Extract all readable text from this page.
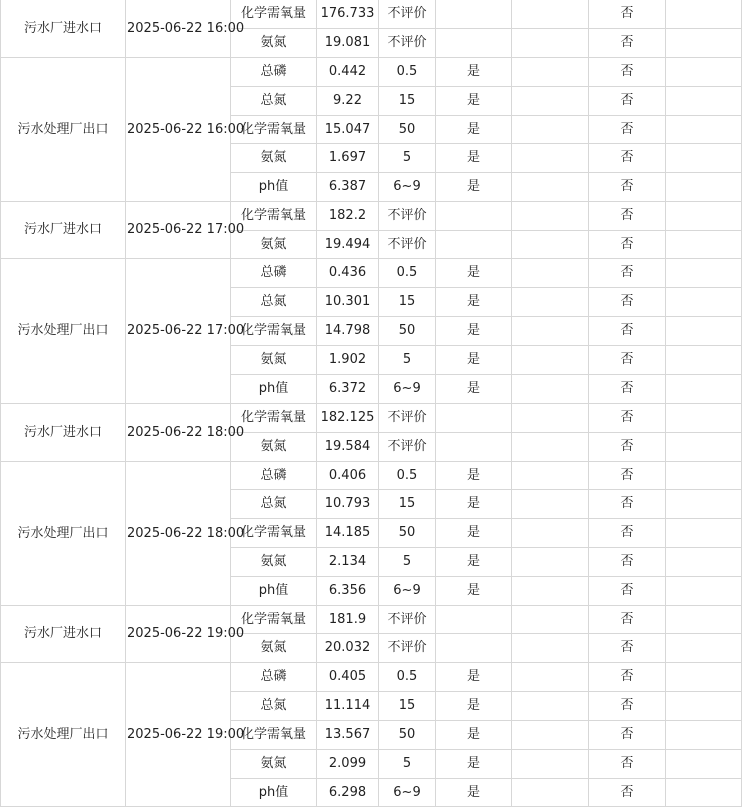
污水厂进水口	2025-06-22 16:00	化学需氧量	176.733	不评价			否	
		氨氮	19.081	不评价			否	
污水处理厂出口	2025-06-22 16:00	总磷	0.442	0.5	是		否	
		总氮	9.22	15	是		否	
		化学需氧量	15.047	50	是		否	
		氨氮	1.697	5	是		否	
		ph值	6.387	6~9	是		否	
污水厂进水口	2025-06-22 17:00	化学需氧量	182.2	不评价			否	
		氨氮	19.494	不评价			否	
污水处理厂出口	2025-06-22 17:00	总磷	0.436	0.5	是		否	
		总氮	10.301	15	是		否	
		化学需氧量	14.798	50	是		否	
		氨氮	1.902	5	是		否	
		ph值	6.372	6~9	是		否	
污水厂进水口	2025-06-22 18:00	化学需氧量	182.125	不评价			否	
		氨氮	19.584	不评价			否	
污水处理厂出口	2025-06-22 18:00	总磷	0.406	0.5	是		否	
		总氮	10.793	15	是		否	
		化学需氧量	14.185	50	是		否	
		氨氮	2.134	5	是		否	
		ph值	6.356	6~9	是		否	
污水厂进水口	2025-06-22 19:00	化学需氧量	181.9	不评价			否	
		氨氮	20.032	不评价			否	
污水处理厂出口	2025-06-22 19:00	总磷	0.405	0.5	是		否	
		总氮	11.114	15	是		否	
		化学需氧量	13.567	50	是		否	
		氨氮	2.099	5	是		否	
		ph值	6.298	6~9	是		否	
